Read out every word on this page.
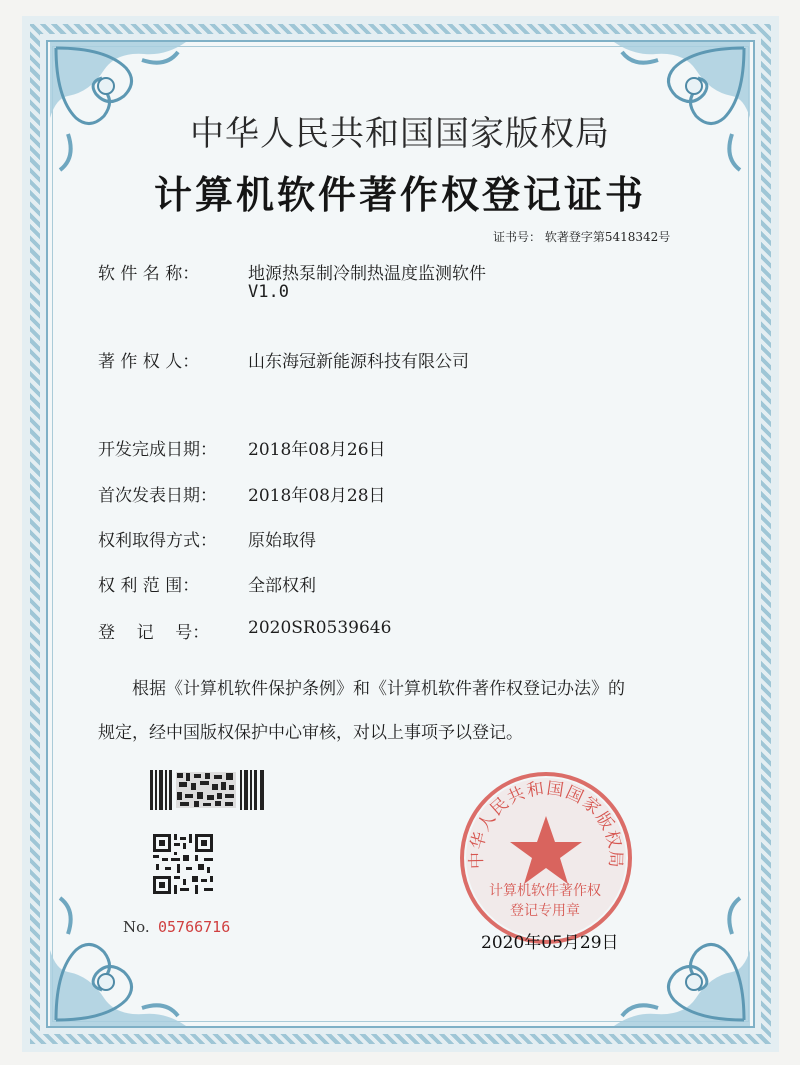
中华人民共和国国家版权局
计算机软件著作权登记证书
证书号： 软著登字第5418342号
软 件 名 称：	地源热泵制冷制热温度监测软件
V1.0
著 作 权 人：	山东海冠新能源科技有限公司
开发完成日期： 2018年08月26日
首次发表日期： 2018年08月28日
权利取得方式： 原始取得
权 利 范 围：	全部权利
登    记    号： 2020SR0539646
根据《计算机软件保护条例》和《计算机软件著作权登记办法》的
规定，经中国版权保护中心审核，对以上事项予以登记。
No. 05766716
中华人民共和国国家版权局
计算机软件著作权
登记专用章
2020年05月29日
